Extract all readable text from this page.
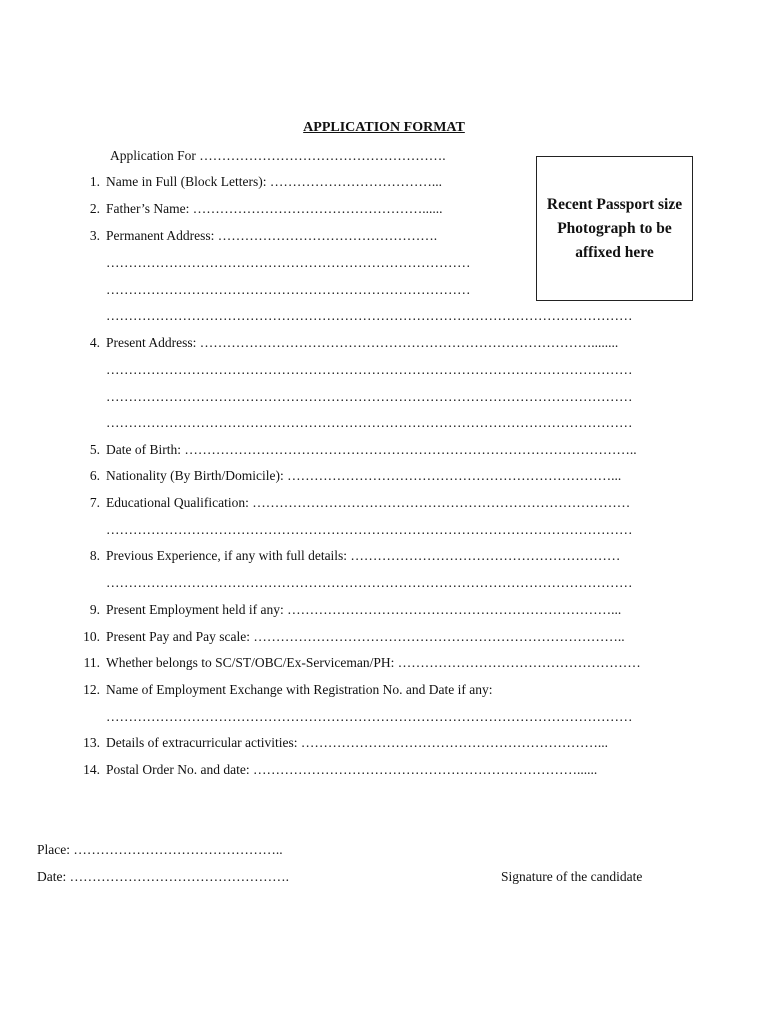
APPLICATION FORMAT
Application For ……………………………………………….
Recent Passport size Photograph to be affixed here
1. Name in Full (Block Letters): ………………………………...
2. Father’s Name: ……………………………………………......
3. Permanent Address: ………………………………………….
………………………………………………………………………
………………………………………………………………………
………………………………………………………………………………………………………
4. Present Address: ……………………………………………………………………………........
………………………………………………………………………………………………………
………………………………………………………………………………………………………
………………………………………………………………………………………………………
5. Date of Birth: ………………………………………………………………………………………..
6. Nationality (By Birth/Domicile): ………………………………………………………………...
7. Educational Qualification: …………………………………………………………………………
………………………………………………………………………………………………………
8. Previous Experience, if any with full details: ……………………………………………………
………………………………………………………………………………………………………
9. Present Employment held if any: ………………………………………………………………...
10. Present Pay and Pay scale: ………………………………………………………………………..
11. Whether belongs to SC/ST/OBC/Ex-Serviceman/PH: ………………………………………………
12. Name of Employment Exchange with Registration No. and Date if any:
………………………………………………………………………………………………………
13. Details of extracurricular activities: …………………………………………………………...
14. Postal Order No. and date: ………………………………………………………………......
Place: ………………………………………..
Date: ………………………………………….	Signature of the candidate
